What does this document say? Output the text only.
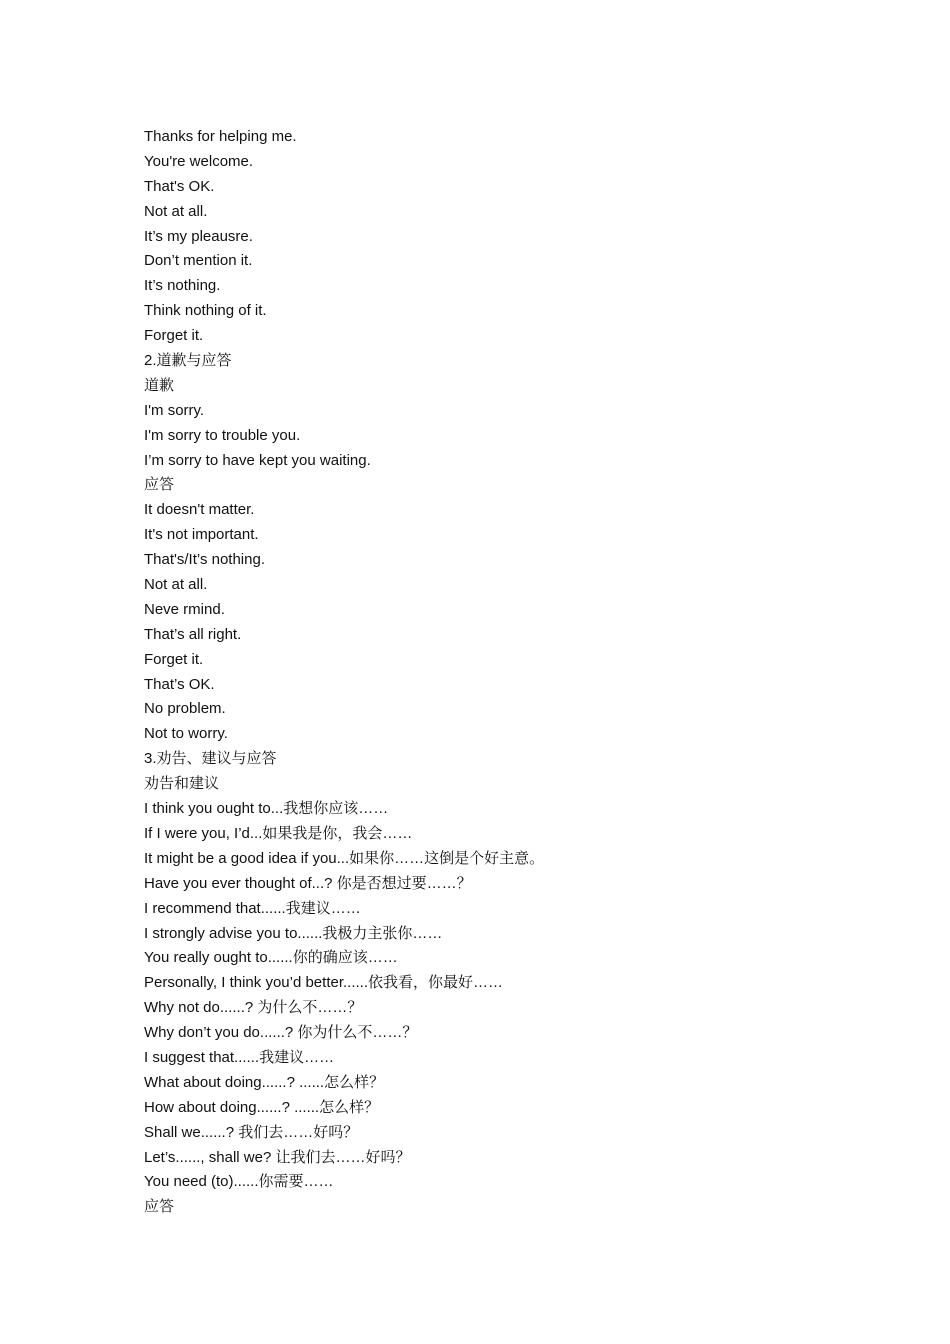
Thanks for helping me.
You're welcome.
That's OK.
Not at all.
It’s my pleausre.
Don’t mention it.
It’s nothing.
Think nothing of it.
Forget it.
2.道歉与应答
道歉
I'm sorry.
I'm sorry to trouble you.
I’m sorry to have kept you waiting.
应答
It doesn't matter.
It's not important.
That's/It’s nothing.
Not at all.
Neve rmind.
That’s all right.
Forget it.
That’s OK.
No problem.
Not to worry.
3.劝告、建议与应答
劝告和建议
I think you ought to...我想你应该……
If I were you, I’d...如果我是你，我会……
It might be a good idea if you...如果你……这倒是个好主意。
Have you ever thought of...? 你是否想过要……？
I recommend that......我建议……
I strongly advise you to......我极力主张你……
You really ought to......你的确应该……
Personally, I think you’d better......依我看，你最好……
Why not do......? 为什么不……？
Why don’t you do......? 你为什么不……？
I suggest that......我建议……
What about doing......? ......怎么样？
How about doing......? ......怎么样？
Shall we......? 我们去……好吗？
Let’s......, shall we? 让我们去……好吗？
You need (to)......你需要……
应答
